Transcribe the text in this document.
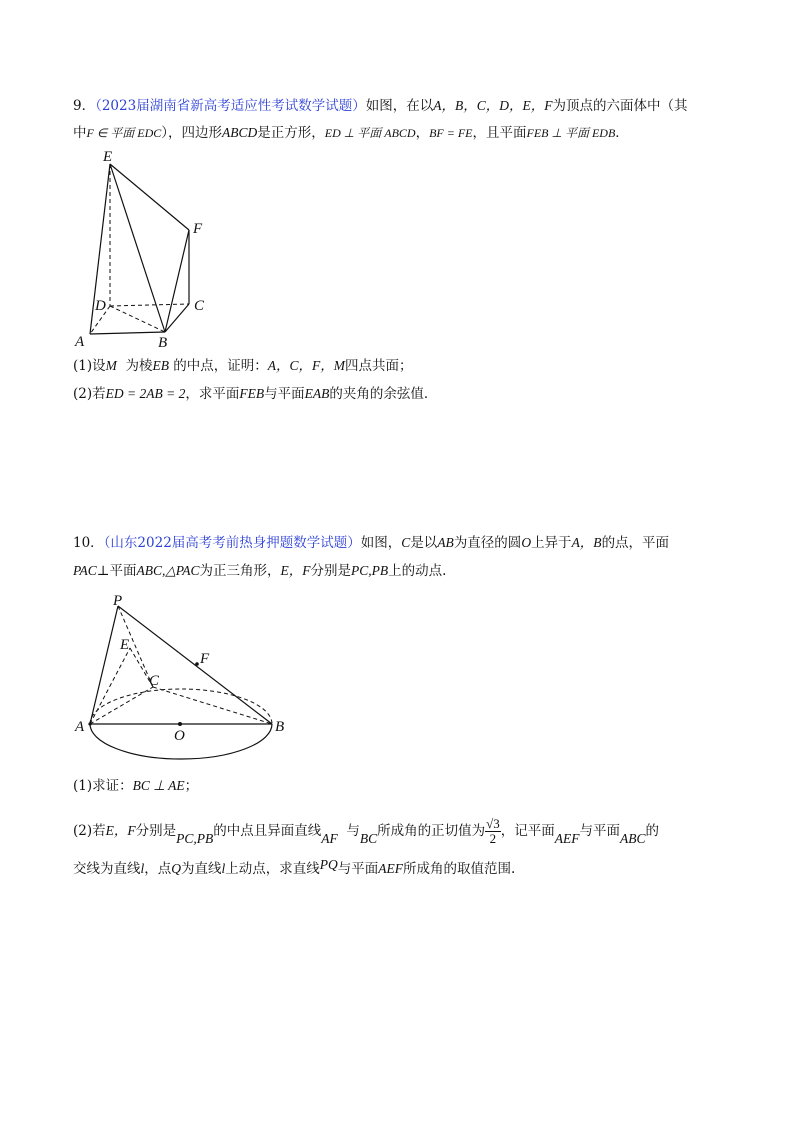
9．（2023届湖南省新高考适应性考试数学试题）如图，在以A，B，C，D，E，F为顶点的六面体中（其
中F ∈ 平面 EDC），四边形ABCD是正方形，ED ⊥ 平面 ABCD，BF = FE，且平面FEB ⊥ 平面 EDB．
E
F
D	C
A	B
(1)设M 为棱EB 的中点，证明：A，C，F，M四点共面；
(2)若ED = 2AB = 2，求平面FEB与平面EAB的夹角的余弦值．
10．（山东2022届高考考前热身押题数学试题）如图，C是以AB为直径的圆O上异于A，B的点，平面
PAC⊥平面ABC,△PAC为正三角形，E，F分别是PC,PB上的动点.
P
E
F
C
A
O
B
(1)求证：BC ⊥ AE；
(2)若E，F分别是PC,PB的中点且异面直线AF 与BC所成角的正切值为 $\frac{√3}{2}$ ，记平面AEF与平面ABC的
交线为直线l，点Q为直线l上动点，求直线PQ与平面AEF所成角的取值范围.
